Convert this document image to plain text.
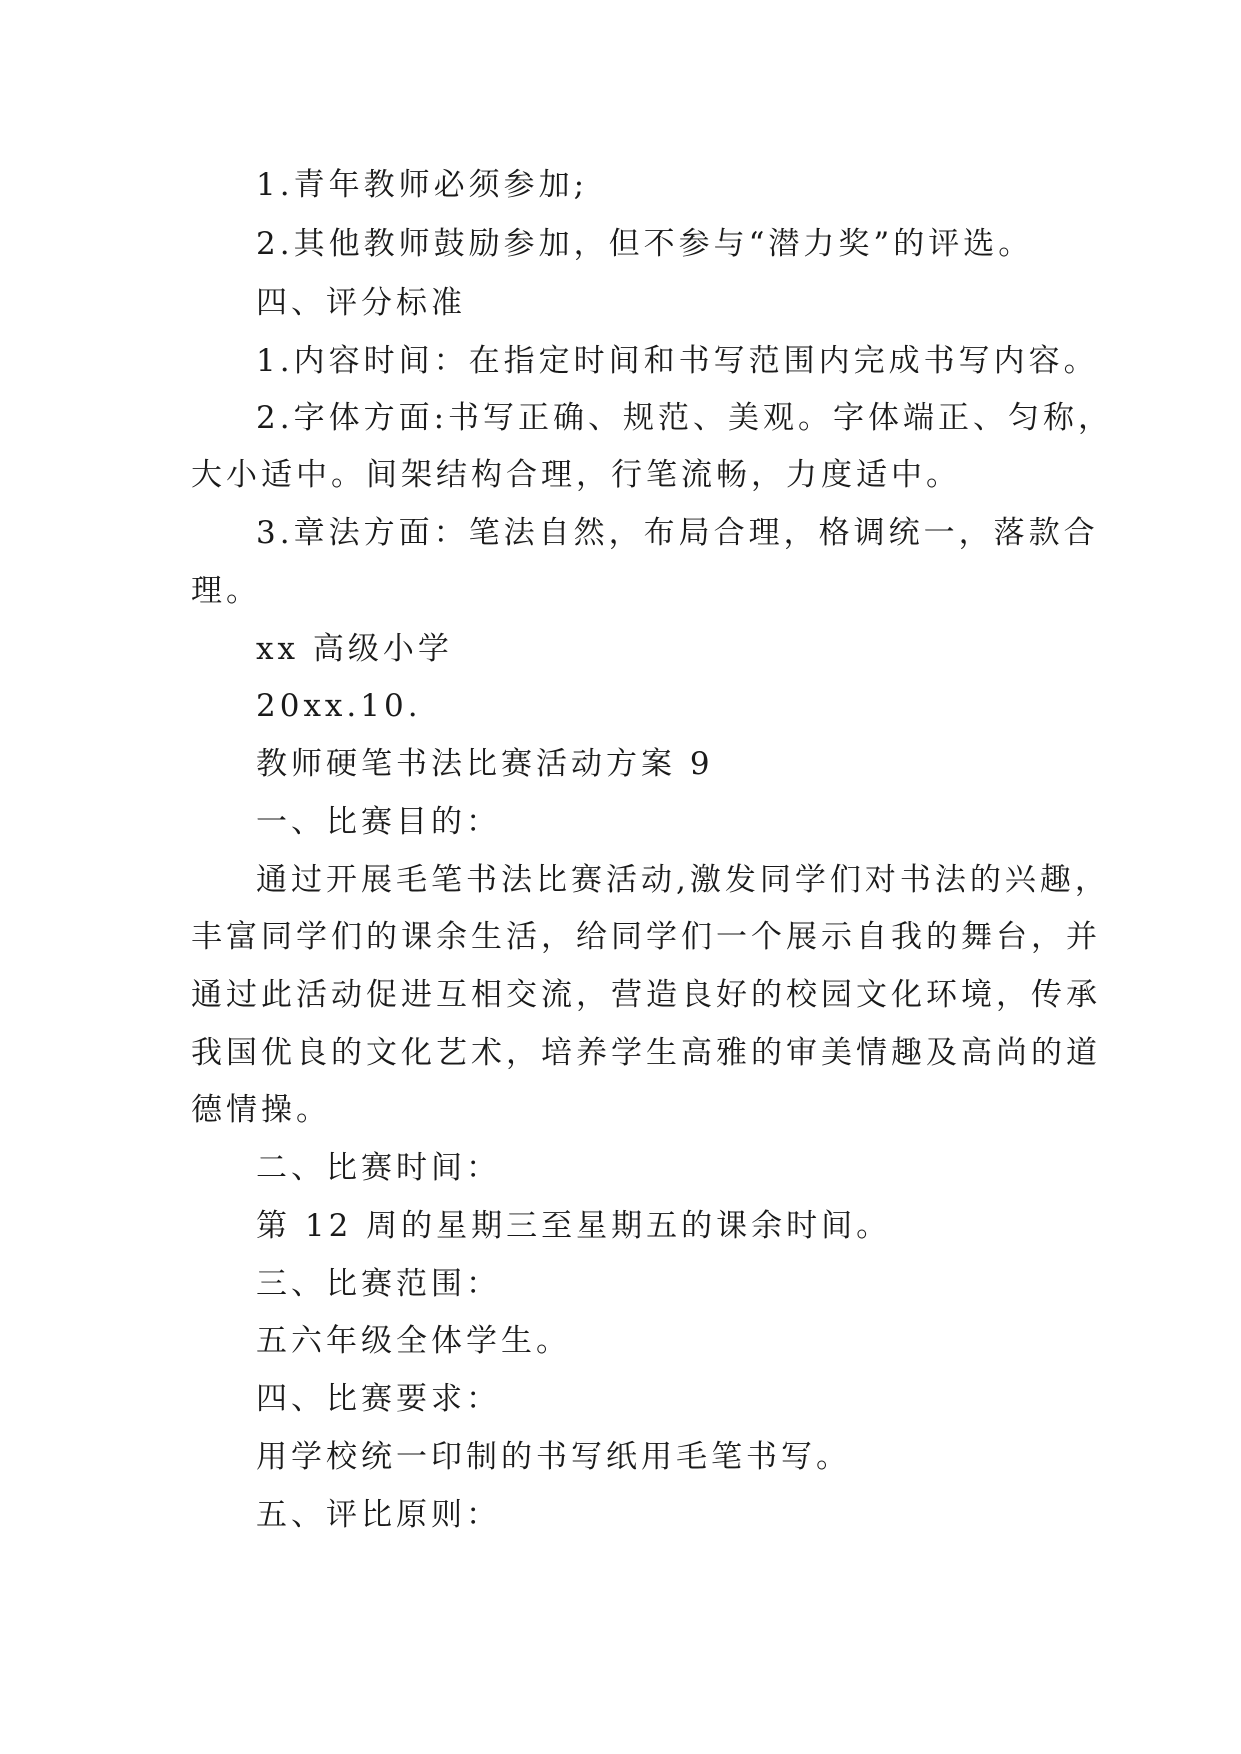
1.青年教师必须参加;

2.其他教师鼓励参加，但不参与“潜力奖”的评选。

四、评分标准

1.内容时间：在指定时间和书写范围内完成书写内容。

2.字体方面:书写正确、规范、美观。字体端正、匀称，

大小适中。间架结构合理，行笔流畅，力度适中。

3.章法方面：笔法自然，布局合理，格调统一，落款合

理。

xx 高级小学

20xx.10.

教师硬笔书法比赛活动方案 9

一、比赛目的：

通过开展毛笔书法比赛活动,激发同学们对书法的兴趣，

丰富同学们的课余生活，给同学们一个展示自我的舞台，并

通过此活动促进互相交流，营造良好的校园文化环境，传承

我国优良的文化艺术，培养学生高雅的审美情趣及高尚的道

德情操。

二、比赛时间：

第 12 周的星期三至星期五的课余时间。

三、比赛范围：

五六年级全体学生。

四、比赛要求：

用学校统一印制的书写纸用毛笔书写。

五、评比原则：
